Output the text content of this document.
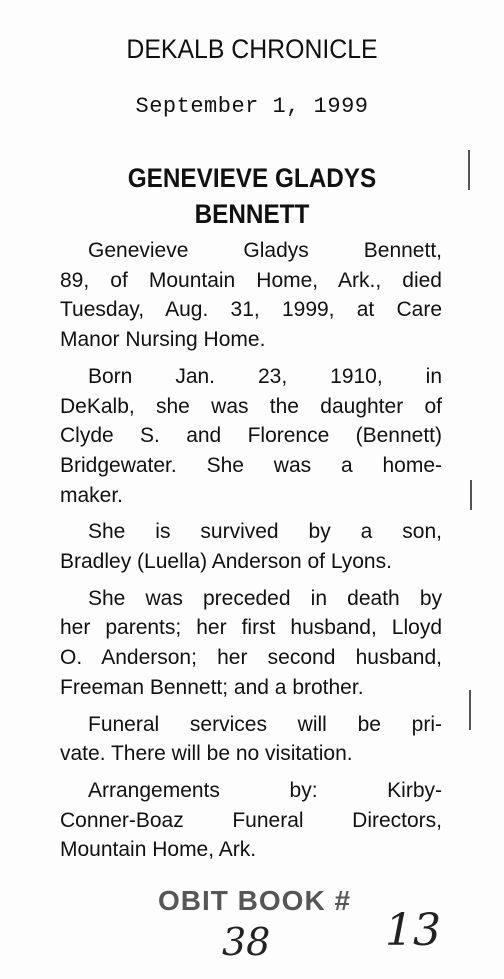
DEKALB CHRONICLE
September 1, 1999
GENEVIEVE GLADYS
BENNETT
Genevieve Gladys Bennett,
89, of Mountain Home, Ark., died
Tuesday, Aug. 31, 1999, at Care
Manor Nursing Home.
Born Jan. 23, 1910, in
DeKalb, she was the daughter of
Clyde S. and Florence (Bennett)
Bridgewater. She was a home-
maker.
She is survived by a son,
Bradley (Luella) Anderson of Lyons.
She was preceded in death by
her parents; her first husband, Lloyd
O. Anderson; her second husband,
Freeman Bennett; and a brother.
Funeral services will be pri-
vate. There will be no visitation.
Arrangements by: Kirby-
Conner-Boaz Funeral Directors,
Mountain Home, Ark.
OBIT BOOK #
38	13
